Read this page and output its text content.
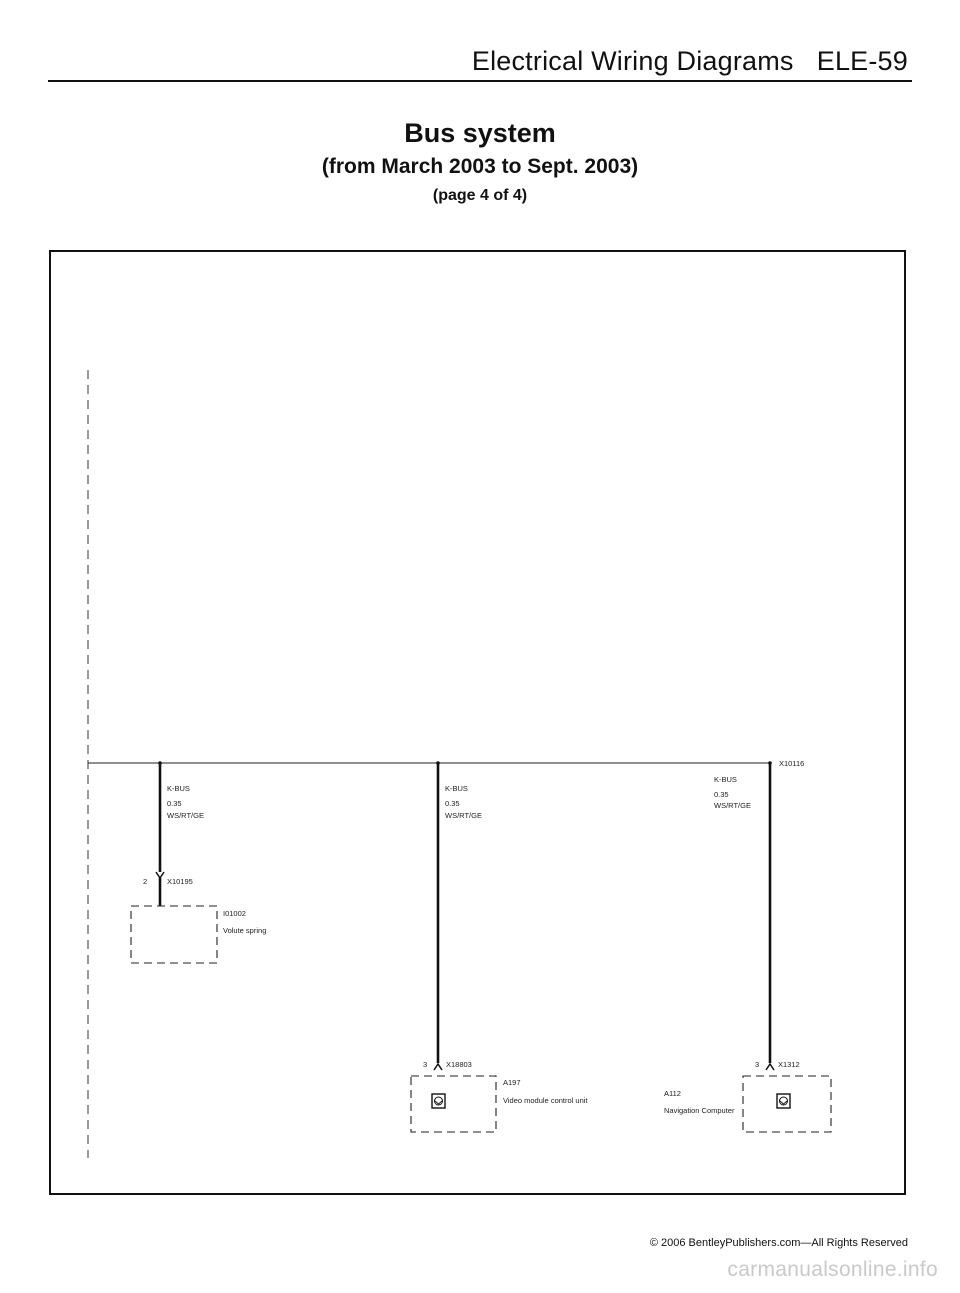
Electrical Wiring Diagrams ELE-59
Bus system
(from March 2003 to Sept. 2003)
(page 4 of 4)
X10116
K-BUS
0.35
WS/RT/GE
2	X10195
I01002
Volute spring
K-BUS
0.35
WS/RT/GE
3	X18803
A197
Video module control unit
K-BUS
0.35
WS/RT/GE
3	X1312
A112
Navigation Computer
© 2006 BentleyPublishers.com—All Rights Reserved
carmanualsonline.info
